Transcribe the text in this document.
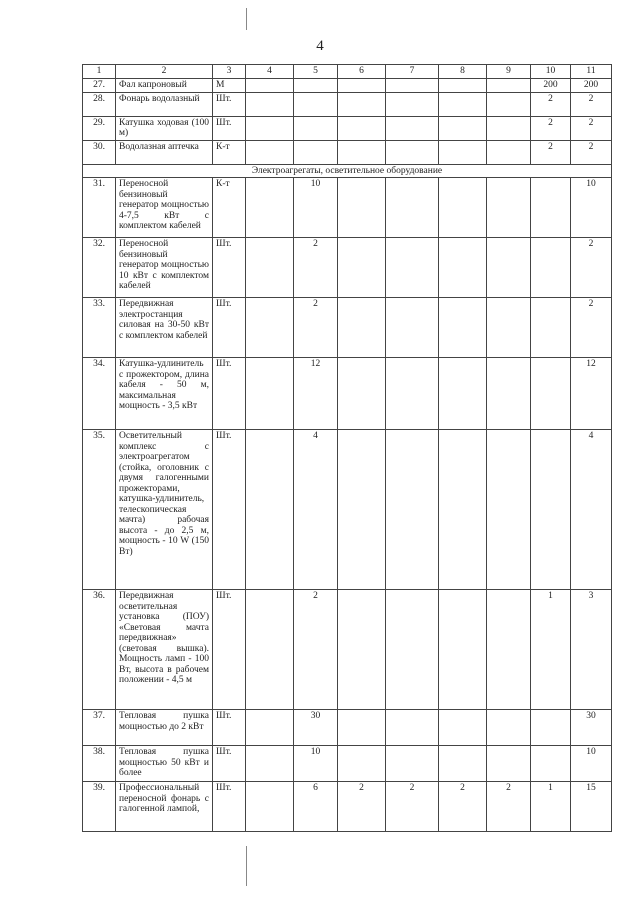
4
1	2	3	4	5	6	7	8	9	10	11
27.	Фал капроновый	М							200	200
28.	Фонарь водолазный	Шт.							2	2
29.	Катушка ходовая (100 м)	Шт.							2	2
30.	Водолазная аптечка	К-т							2	2
Электроагрегаты, осветительное оборудование										
31.	Переносной бензиновый генератор мощностью 4-7,5 кВт с комплектом кабелей	К-т		10						10
32.	Переносной бензиновый генератор мощностью 10 кВт с комплектом кабелей	Шт.		2						2
33.	Передвижная электростанция силовая на 30-50 кВт с комплектом кабелей	Шт.		2						2
34.	Катушка-удлинитель с прожектором, длина кабеля - 50 м, максимальная мощность - 3,5 кВт	Шт.		12						12
35.	Осветительный комплекс с электроагрегатом (стойка, оголовник с двумя галогенными прожекторами, катушка-удлинитель, телескопическая мачта) рабочая высота - до 2,5 м, мощность - 10 W (150 Вт)	Шт.		4						4
36.	Передвижная осветительная установка (ПОУ) «Световая мачта передвижная» (световая вышка). Мощность ламп - 100 Вт, высота в рабочем положении - 4,5 м	Шт.		2					1	3
37.	Тепловая пушка мощностью до 2 кВт	Шт.		30						30
38.	Тепловая пушка мощностью 50 кВт и более	Шт.		10						10
39.	Профессиональный переносной фонарь с галогенной лампой,	Шт.		6	2	2	2	2	1	15
